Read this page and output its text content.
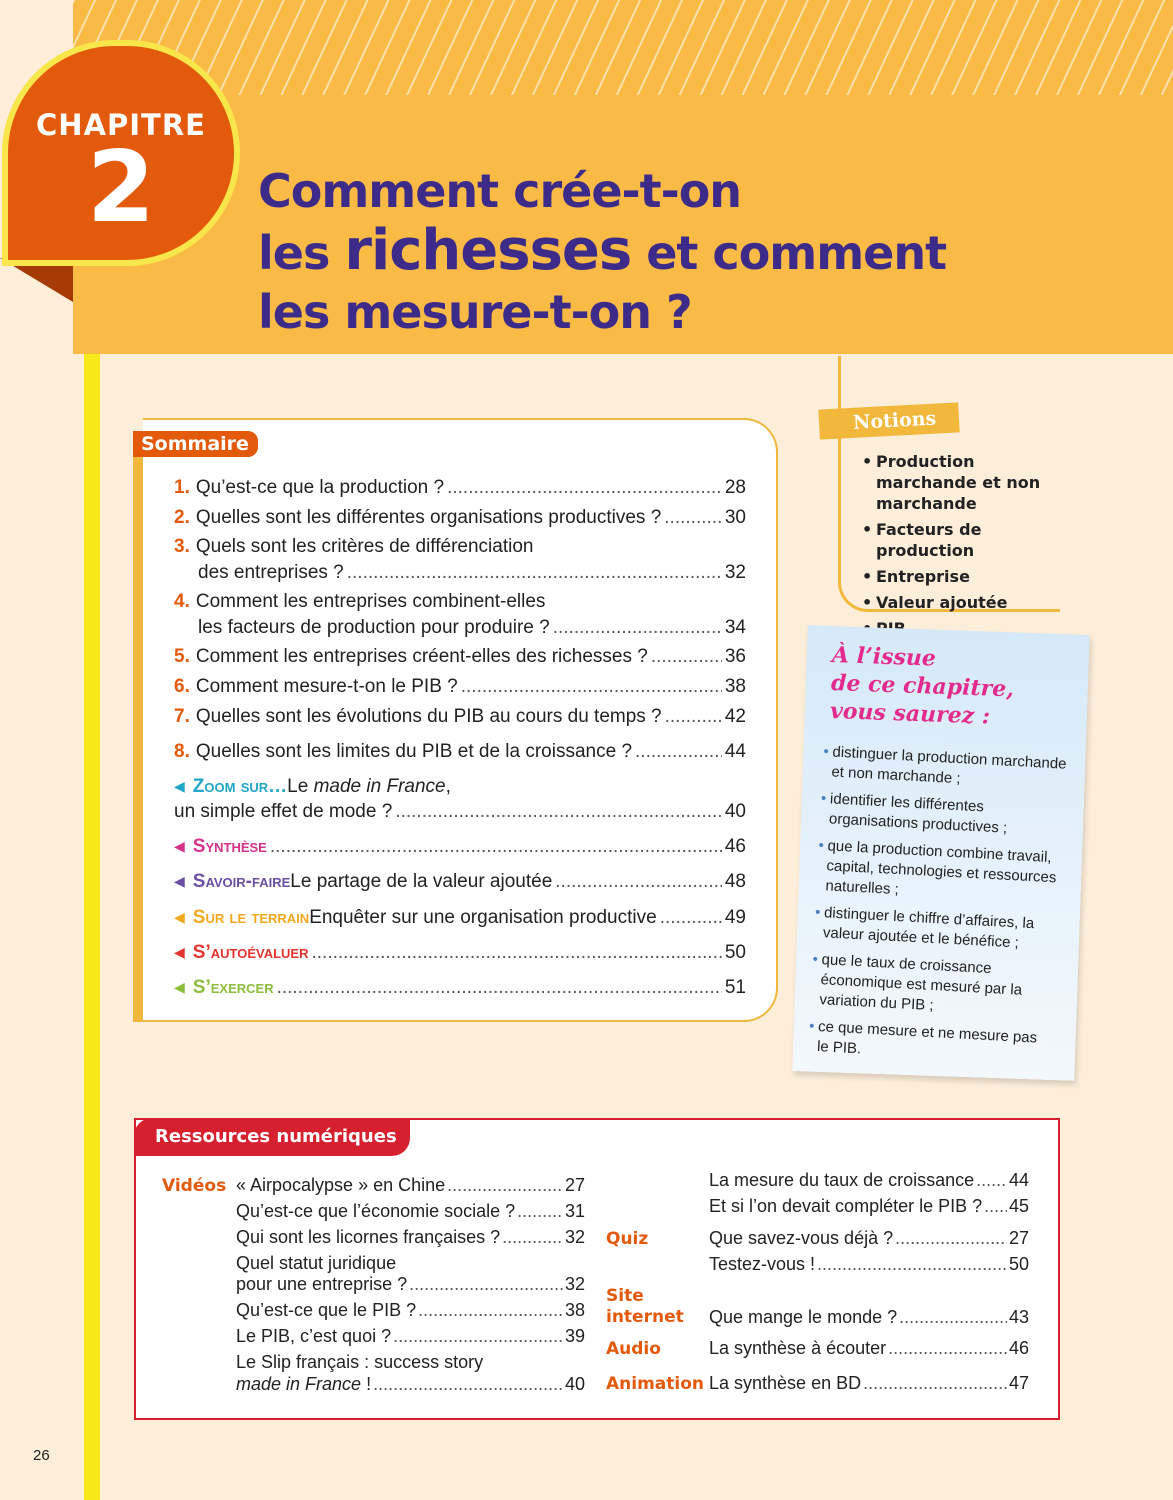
CHAPITRE
2	Comment crée-t-on
les richesses et comment
les mesure-t-on ?
Sommaire
1. Qu’est-ce que la production ? .....	28
2. Quelles sont les différentes organisations productives ? .....	30
3. Quels sont les critères de différenciation
des entreprises ? .....	32
4. Comment les entreprises combinent-elles
les facteurs de production pour produire ? .....	34
5. Comment les entreprises créent-elles des richesses ? .....	36
6. Comment mesure-t-on le PIB ? .....	38
7. Quelles sont les évolutions du PIB au cours du temps ? .....	42
8. Quelles sont les limites du PIB et de la croissance ? .....	44
◀ Zoom sur… Le made in France,
un simple effet de mode ? .....	40
◀ Synthèse .....	46
◀ Savoir-faire Le partage de la valeur ajoutée .....	48
◀ Sur le terrain Enquêter sur une organisation productive .....	49
◀ S’autoévaluer .....	50
◀ S’exercer .....	51
Notions
• Production marchande et non marchande
• Facteurs de production
• Entreprise
• Valeur ajoutée
•
À l’issue
de ce chapitre,
vous saurez :
• distinguer la production marchande et non marchande ;
• identifier les différentes organisations productives ;
• que la production combine travail, capital, technologies et ressources naturelles ;
• distinguer le chiffre d’affaires, la valeur ajoutée et le bénéfice ;
• que le taux de croissance économique est mesuré par la variation du PIB ;
• ce que mesure et ne mesure pas le PIB.
Ressources numériques
Vidéos « Airpocalypse » en Chine .....	27
Qu’est-ce que l’économie sociale ? .....	31
Qui sont les licornes françaises ? .....	32
Quel statut juridique
pour une entreprise ? .....	32
Qu’est-ce que le PIB ? .....	38
Le PIB, c’est quoi ? .....	39
Le Slip français : success story
made in France ! .....	40
La mesure du taux de croissance ..... 44
Et si l’on devait compléter le PIB ? ..... 45
Quiz	Que savez-vous déjà ? .....	27
Testez-vous ! .....	50
Site
internet Que mange le monde ? .....	43
Audio	La synthèse à écouter .....	46
Animation La synthèse en BD .....	47
26
